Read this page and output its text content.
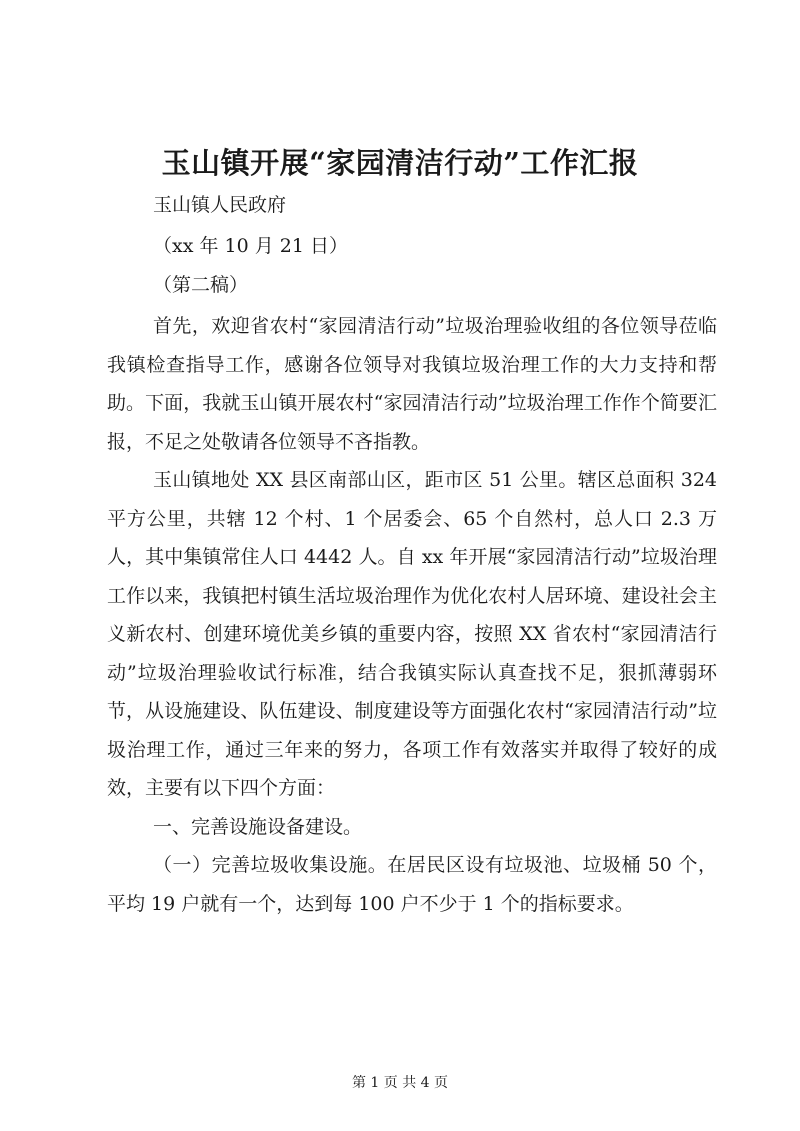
玉山镇开展“家园清洁行动”工作汇报
玉山镇人民政府
（xx 年 10 月 21 日）
（第二稿）

首先，欢迎省农村“家园清洁行动”垃圾治理验收组的各位领导莅临我镇检查指导工作，感谢各位领导对我镇垃圾治理工作的大力支持和帮助。下面，我就玉山镇开展农村“家园清洁行动”垃圾治理工作作个简要汇报，不足之处敬请各位领导不吝指教。

玉山镇地处 XX 县区南部山区，距市区 51 公里。辖区总面积 324 平方公里，共辖 12 个村、1 个居委会、65 个自然村，总人口 2.3 万人，其中集镇常住人口 4442 人。自 xx 年开展“家园清洁行动”垃圾治理工作以来，我镇把村镇生活垃圾治理作为优化农村人居环境、建设社会主义新农村、创建环境优美乡镇的重要内容，按照 XX 省农村“家园清洁行动”垃圾治理验收试行标准，结合我镇实际认真查找不足，狠抓薄弱环节，从设施建设、队伍建设、制度建设等方面强化农村“家园清洁行动”垃圾治理工作，通过三年来的努力，各项工作有效落实并取得了较好的成效，主要有以下四个方面：

一、完善设施设备建设。

（一）完善垃圾收集设施。在居民区设有垃圾池、垃圾桶 50 个，平均 19 户就有一个，达到每 100 户不少于 1 个的指标要求。

第 1 页 共 4 页
